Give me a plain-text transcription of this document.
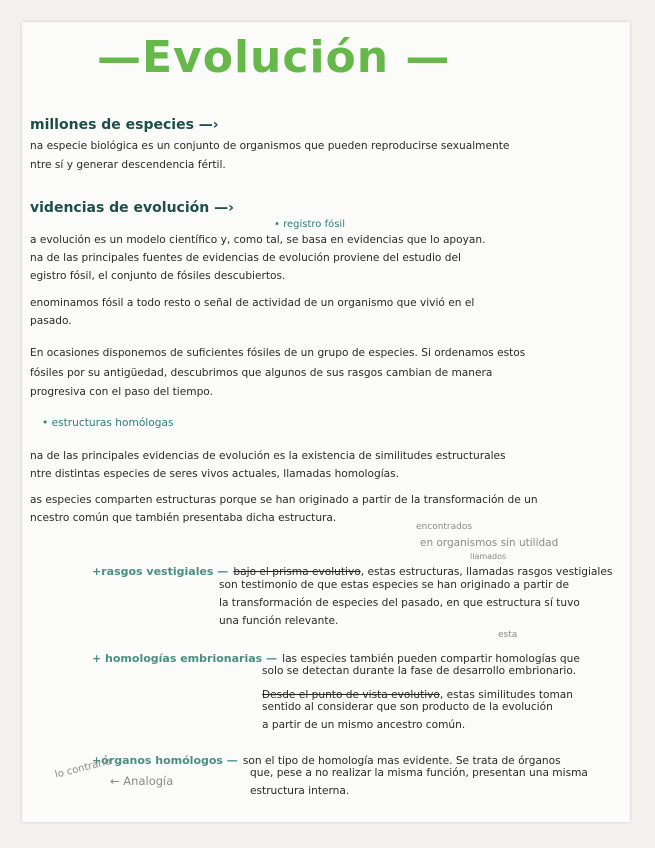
—Evolución —
millones de especies —›
na especie biológica es un conjunto de organismos que pueden reproducirse sexualmente
ntre sí y generar descendencia fértil.
videncias de evolución —›
• registro fósil
a evolución es un modelo científico y, como tal, se basa en evidencias que lo apoyan.
na de las principales fuentes de evidencias de evolución proviene del estudio del
egistro fósil, el conjunto de fósiles descubiertos.
enominamos fósil a todo resto o señal de actividad de un organismo que vivió en el
pasado.
En ocasiones disponemos de suficientes fósiles de un grupo de especies. Si ordenamos estos
fósiles por su antigüedad, descubrimos que algunos de sus rasgos cambian de manera
progresiva con el paso del tiempo.
• estructuras homólogas
na de las principales evidencias de evolución es la existencia de similitudes estructurales
ntre distintas especies de seres vivos actuales, llamadas homologías.
as especies comparten estructuras porque se han originado a partir de la transformación de un
ncestro común que también presentaba dicha estructura.
encontrados
en organismos sin utilidad
llamados
+rasgos vestigiales — bajo el prisma evolutivo, estas estructuras, llamadas rasgos vestigiales
son testimonio de que estas especies se han originado a partir de
la transformación de especies del pasado, en que estructura sí tuvo
una función relevante.
esta
+ homologías embrionarias — las especies también pueden compartir homologías que
solo se detectan durante la fase de desarrollo embrionario.
Desde el punto de vista evolutivo, estas similitudes toman
sentido al considerar que son producto de la evolución
a partir de un mismo ancestro común.
+órganos homólogos — son el tipo de homología mas evidente. Se trata de órganos
que, pese a no realizar la misma función, presentan una misma
estructura interna.
lo contrario
← Analogía
